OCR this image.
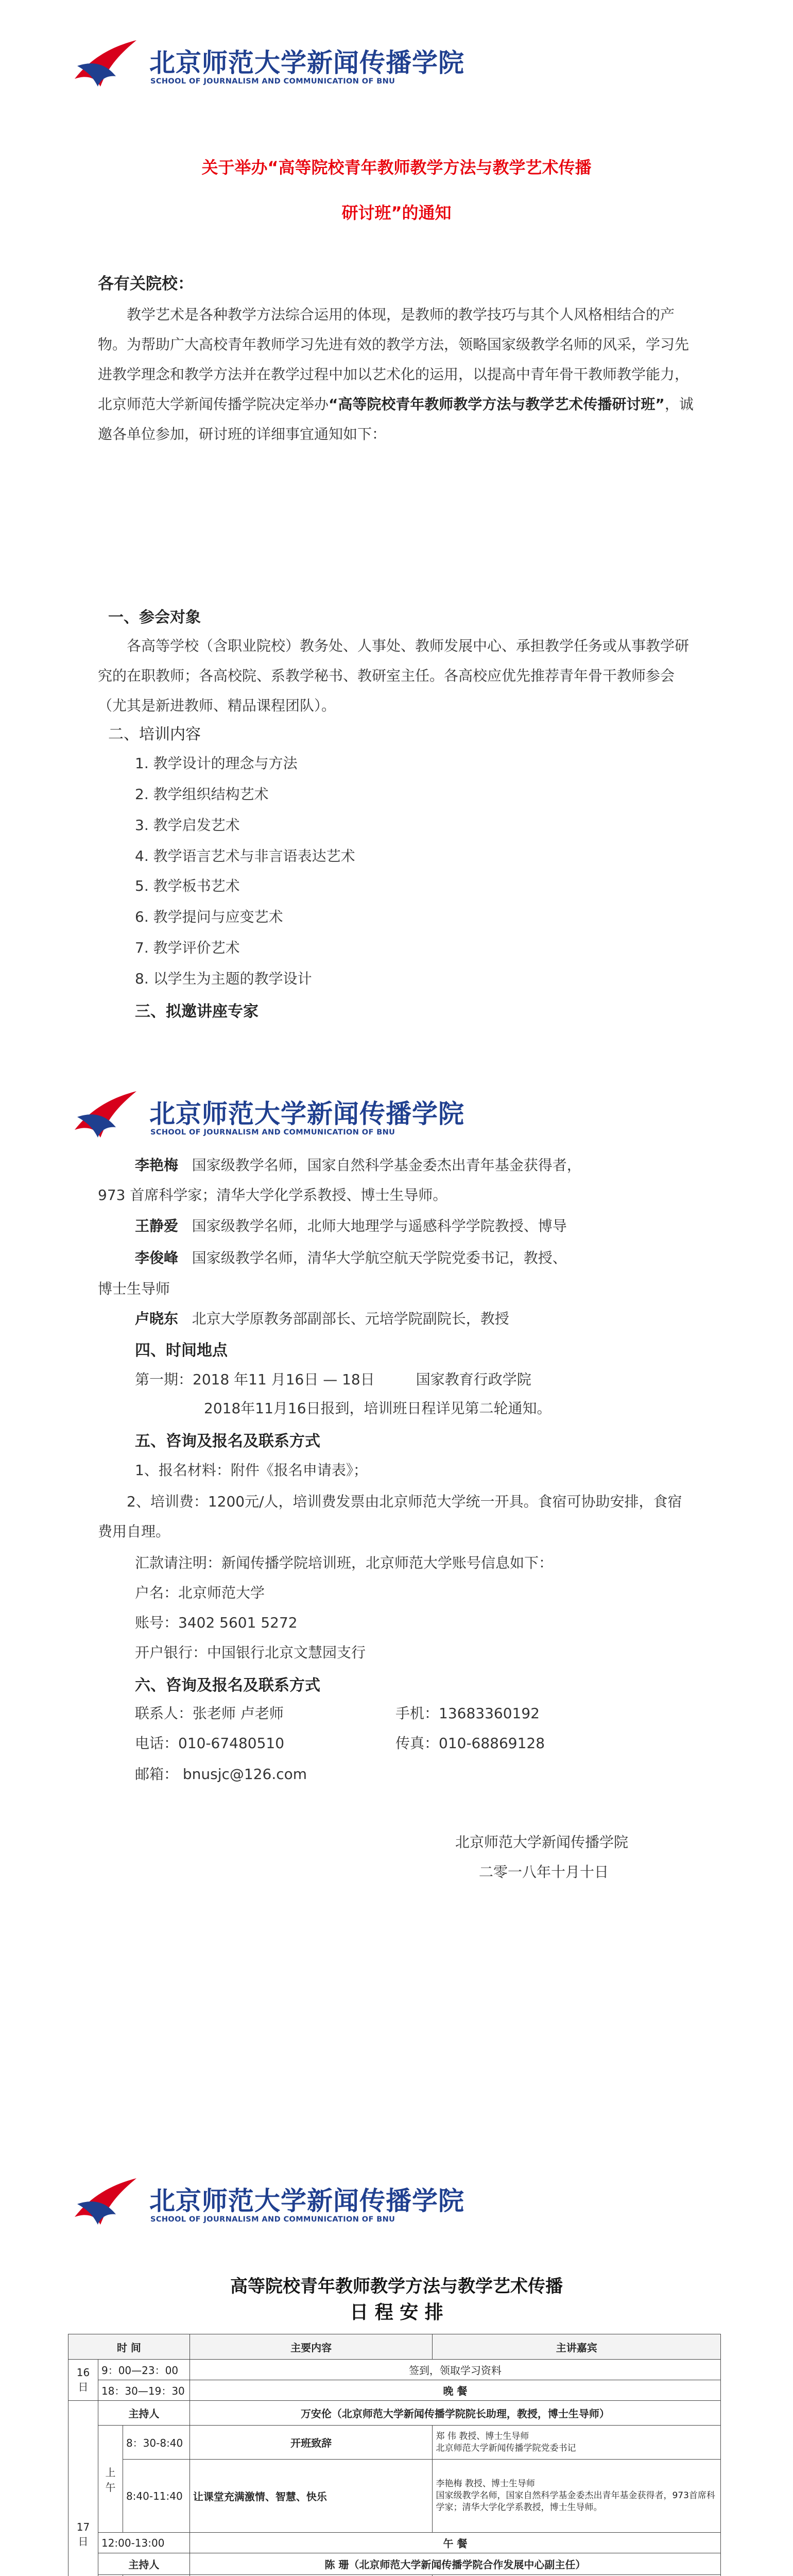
北京师范大学新闻传播学院
SCHOOL OF JOURNALISM AND COMMUNICATION OF BNU
关于举办“高等院校青年教师教学方法与教学艺术传播
研讨班”的通知
各有关院校：
教学艺术是各种教学方法综合运用的体现，是教师的教学技巧与其个人风格相结合的产物。为帮助广大高校青年教师学习先进有效的教学方法，领略国家级教学名师的风采，学习先进教学理念和教学方法并在教学过程中加以艺术化的运用，以提高中青年骨干教师教学能力，北京师范大学新闻传播学院决定举办“高等院校青年教师教学方法与教学艺术传播研讨班”，诚邀各单位参加，研讨班的详细事宜通知如下：
一、参会对象
各高等学校（含职业院校）教务处、人事处、教师发展中心、承担教学任务或从事教学研究的在职教师；各高校院、系教学秘书、教研室主任。各高校应优先推荐青年骨干教师参会（尤其是新进教师、精品课程团队）。
二、培训内容
1. 教学设计的理念与方法
2. 教学组织结构艺术
3. 教学启发艺术
4. 教学语言艺术与非言语表达艺术
5. 教学板书艺术
6. 教学提问与应变艺术
7. 教学评价艺术
8. 以学生为主题的教学设计
三、拟邀讲座专家
北京师范大学新闻传播学院
SCHOOL OF JOURNALISM AND COMMUNICATION OF BNU
李艳梅 国家级教学名师，国家自然科学基金委杰出青年基金获得者，
973 首席科学家；清华大学化学系教授、博士生导师。
王静爱 国家级教学名师，北师大地理学与遥感科学学院教授、博导
李俊峰 国家级教学名师，清华大学航空航天学院党委书记，教授、
博士生导师
卢晓东 北京大学原教务部副部长、元培学院副院长，教授
四、时间地点
第一期：2018 年11 月16日 — 18日	国家教育行政学院
2018年11月16日报到，培训班日程详见第二轮通知。
五、咨询及报名及联系方式
1、报名材料：附件《报名申请表》；
2、培训费：1200元/人，培训费发票由北京师范大学统一开具。食宿可协助安排，食宿费用自理。
汇款请注明：新闻传播学院培训班，北京师范大学账号信息如下：
户名：北京师范大学
账号：3402 5601 5272
开户银行：中国银行北京文慧园支行
六、咨询及报名及联系方式
联系人：张老师 卢老师	手机：13683360192
电话：010-67480510	传真：010-68869128
邮箱： bnusjc@126.com
北京师范大学新闻传播学院
二零一八年十月十日
北京师范大学新闻传播学院
SCHOOL OF JOURNALISM AND COMMUNICATION OF BNU
高等院校青年教师教学方法与教学艺术传播
日 程 安 排
时 间			主要内容	主讲嘉宾
16日	9：00—23：00		签到，领取学习资料	
	18：30—19：30		晚 餐	
17日	主持人		万安伦（北京师范大学新闻传播学院院长助理，教授，博士生导师）	
	上午	8：30-8:40	开班致辞	郑 伟 教授、博士生导师
北京师范大学新闻传播学院党委书记
		8:40-11:40	让课堂充满激情、智慧、快乐	李艳梅 教授、博士生导师
国家级教学名师，国家自然科学基金委杰出青年基金获得者，973首席科学家；清华大学化学系教授，博士生导师。
	12:00-13:00		午 餐	
	主持人		陈 珊（北京师范大学新闻传播学院合作发展中心副主任）	
